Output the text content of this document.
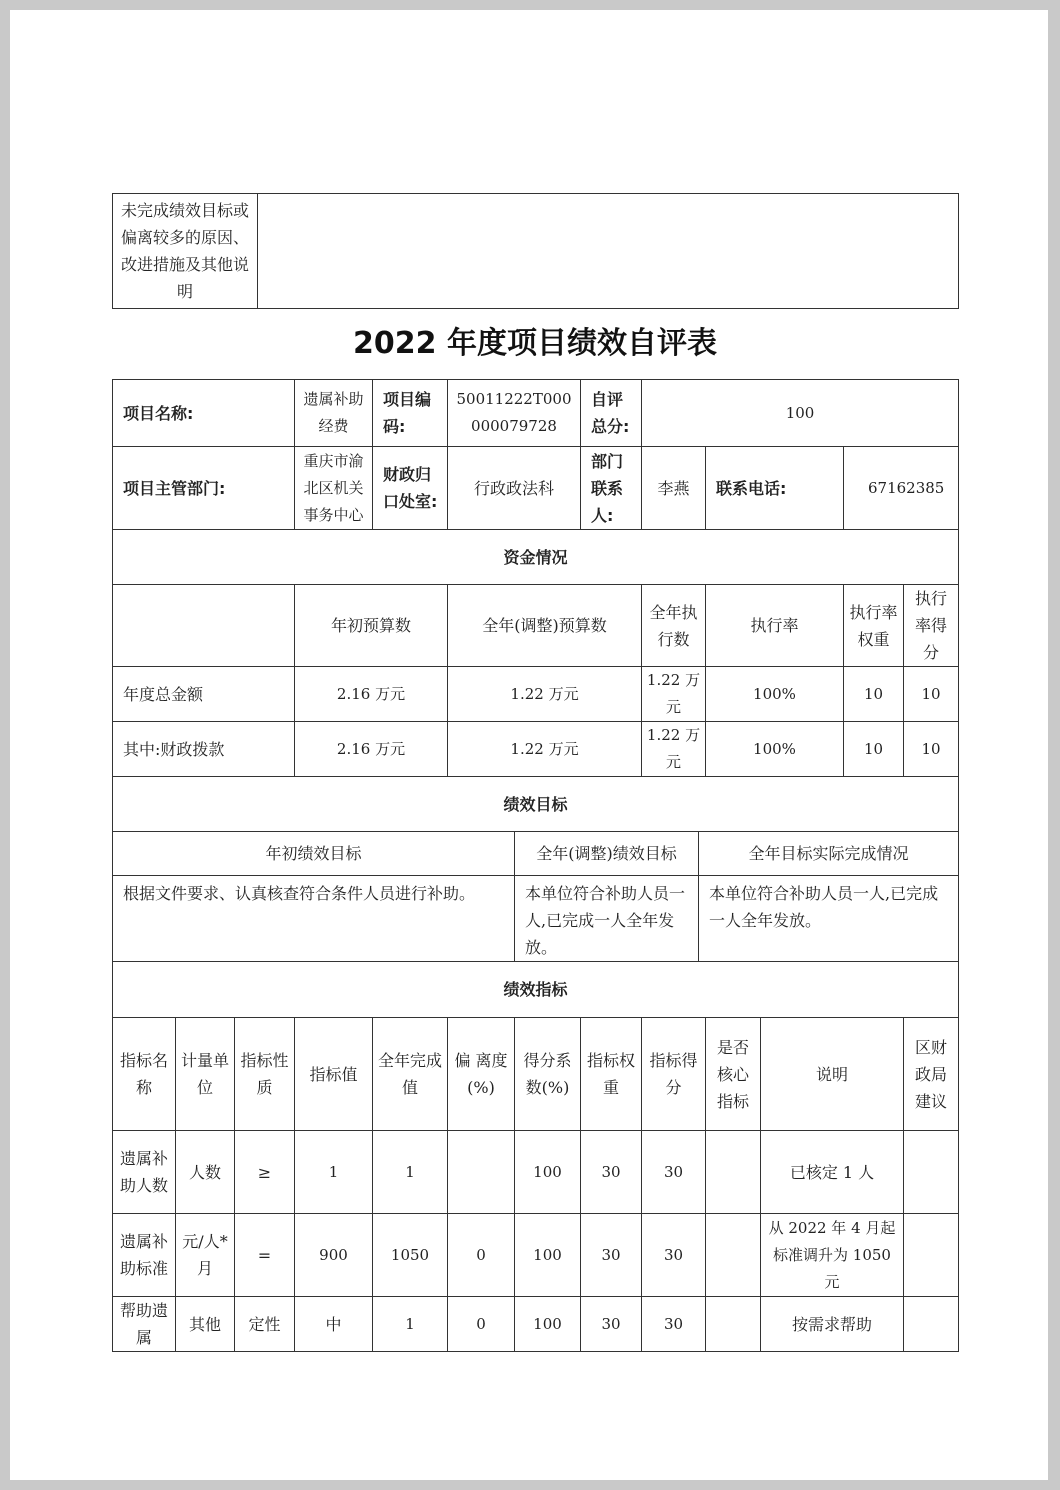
未完成绩效目标或偏离较多的原因、改进措施及其他说明	
2022 年度项目绩效自评表
项目名称:			遗属补助经费	项目编码:	50011222T000000079728		自评总分:	100					
项目主管部门:			重庆市渝北区机关事务中心	财政归口处室:	行政政法科		部门联系人:	李燕		联系电话:		67162385	
资金情况													
			年初预算数		全年(调整)预算数			全年执行数		执行率		执行率权重	执行率得分
年度总金额			2.16 万元		1.22 万元			1.22 万元		100%		10	10
其中:财政拨款			2.16 万元		1.22 万元			1.22 万元		100%		10	10
绩效目标													
年初绩效目标						全年(调整)绩效目标			全年目标实际完成情况				
根据文件要求、认真核查符合条件人员进行补助。						本单位符合补助人员一人,已完成一人全年发放。			本单位符合补助人员一人,已完成一人全年发放。				
绩效指标													
指标名称	计量单位	指标性质	指标值	全年完成值	偏 离度(%)	得分系数(%)	指标权重	指标得分		是否核心指标	说明		区财政局建议
遗属补助人数	人数	≥	1	1		100	30	30			已核定 1 人		
遗属补助标准	元/人*月	=	900	1050	0	100	30	30			从 2022 年 4 月起标准调升为 1050 元		
帮助遗属	其他	定性	中	1	0	100	30	30			按需求帮助		
